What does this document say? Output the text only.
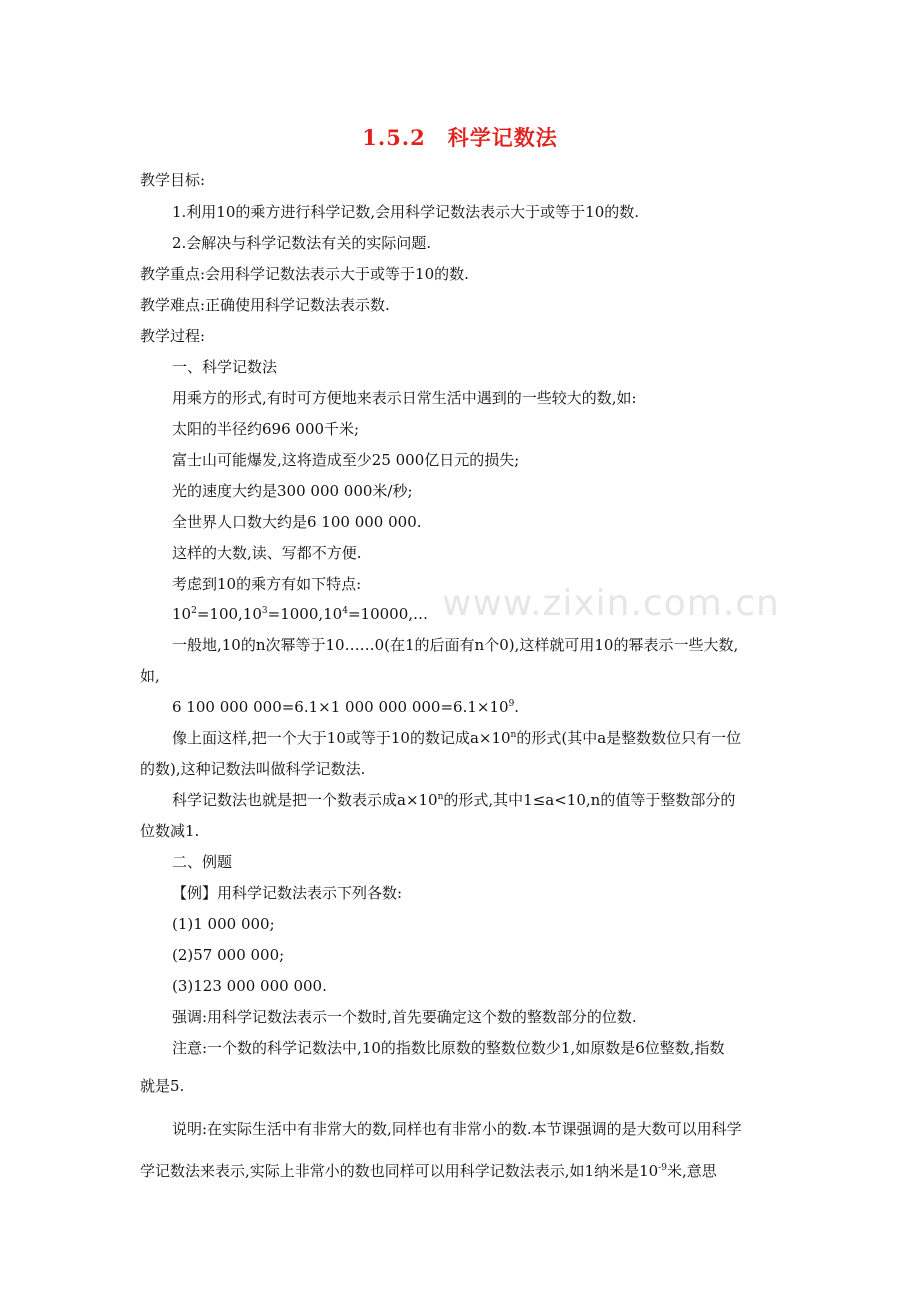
www.zixin.com.cn
1.5.2　科学记数法
教学目标:
1.利用10的乘方进行科学记数,会用科学记数法表示大于或等于10的数.
2.会解决与科学记数法有关的实际问题.
教学重点:会用科学记数法表示大于或等于10的数.
教学难点:正确使用科学记数法表示数.
教学过程:
一、科学记数法
用乘方的形式,有时可方便地来表示日常生活中遇到的一些较大的数,如:
太阳的半径约696 000千米;
富士山可能爆发,这将造成至少25 000亿日元的损失;
光的速度大约是300 000 000米/秒;
全世界人口数大约是6 100 000 000.
这样的大数,读、写都不方便.
考虑到10的乘方有如下特点:
$10^2=100,10^3=1000,10^4=10000,\dots$
一般地,10的n次幂等于10……0(在1的后面有n个0),这样就可用10的幂表示一些大数,
如,
6 100 000 000=6.1×1 000 000 $000=6.1\times 10^9$.
像上面这样,把一个大于10或等于10的数记成$a\times 10^n$的形式(其中a是整数数位只有一位
的数),这种记数法叫做科学记数法.
科学记数法也就是把一个数表示成$a\times 10^n$的形式,其中1≤a<10,n的值等于整数部分的
位数减1.
二、例题
【例】用科学记数法表示下列各数:
(1)1 000 000;
(2)57 000 000;
(3)123 000 000 000.
强调:用科学记数法表示一个数时,首先要确定这个数的整数部分的位数.
注意:一个数的科学记数法中,10的指数比原数的整数位数少1,如原数是6位整数,指数
就是5.
说明:在实际生活中有非常大的数,同样也有非常小的数.本节课强调的是大数可以用科学
学记数法来表示,实际上非常小的数也同样可以用科学记数法表示,如1纳米是$10^{-9}$米,意思
